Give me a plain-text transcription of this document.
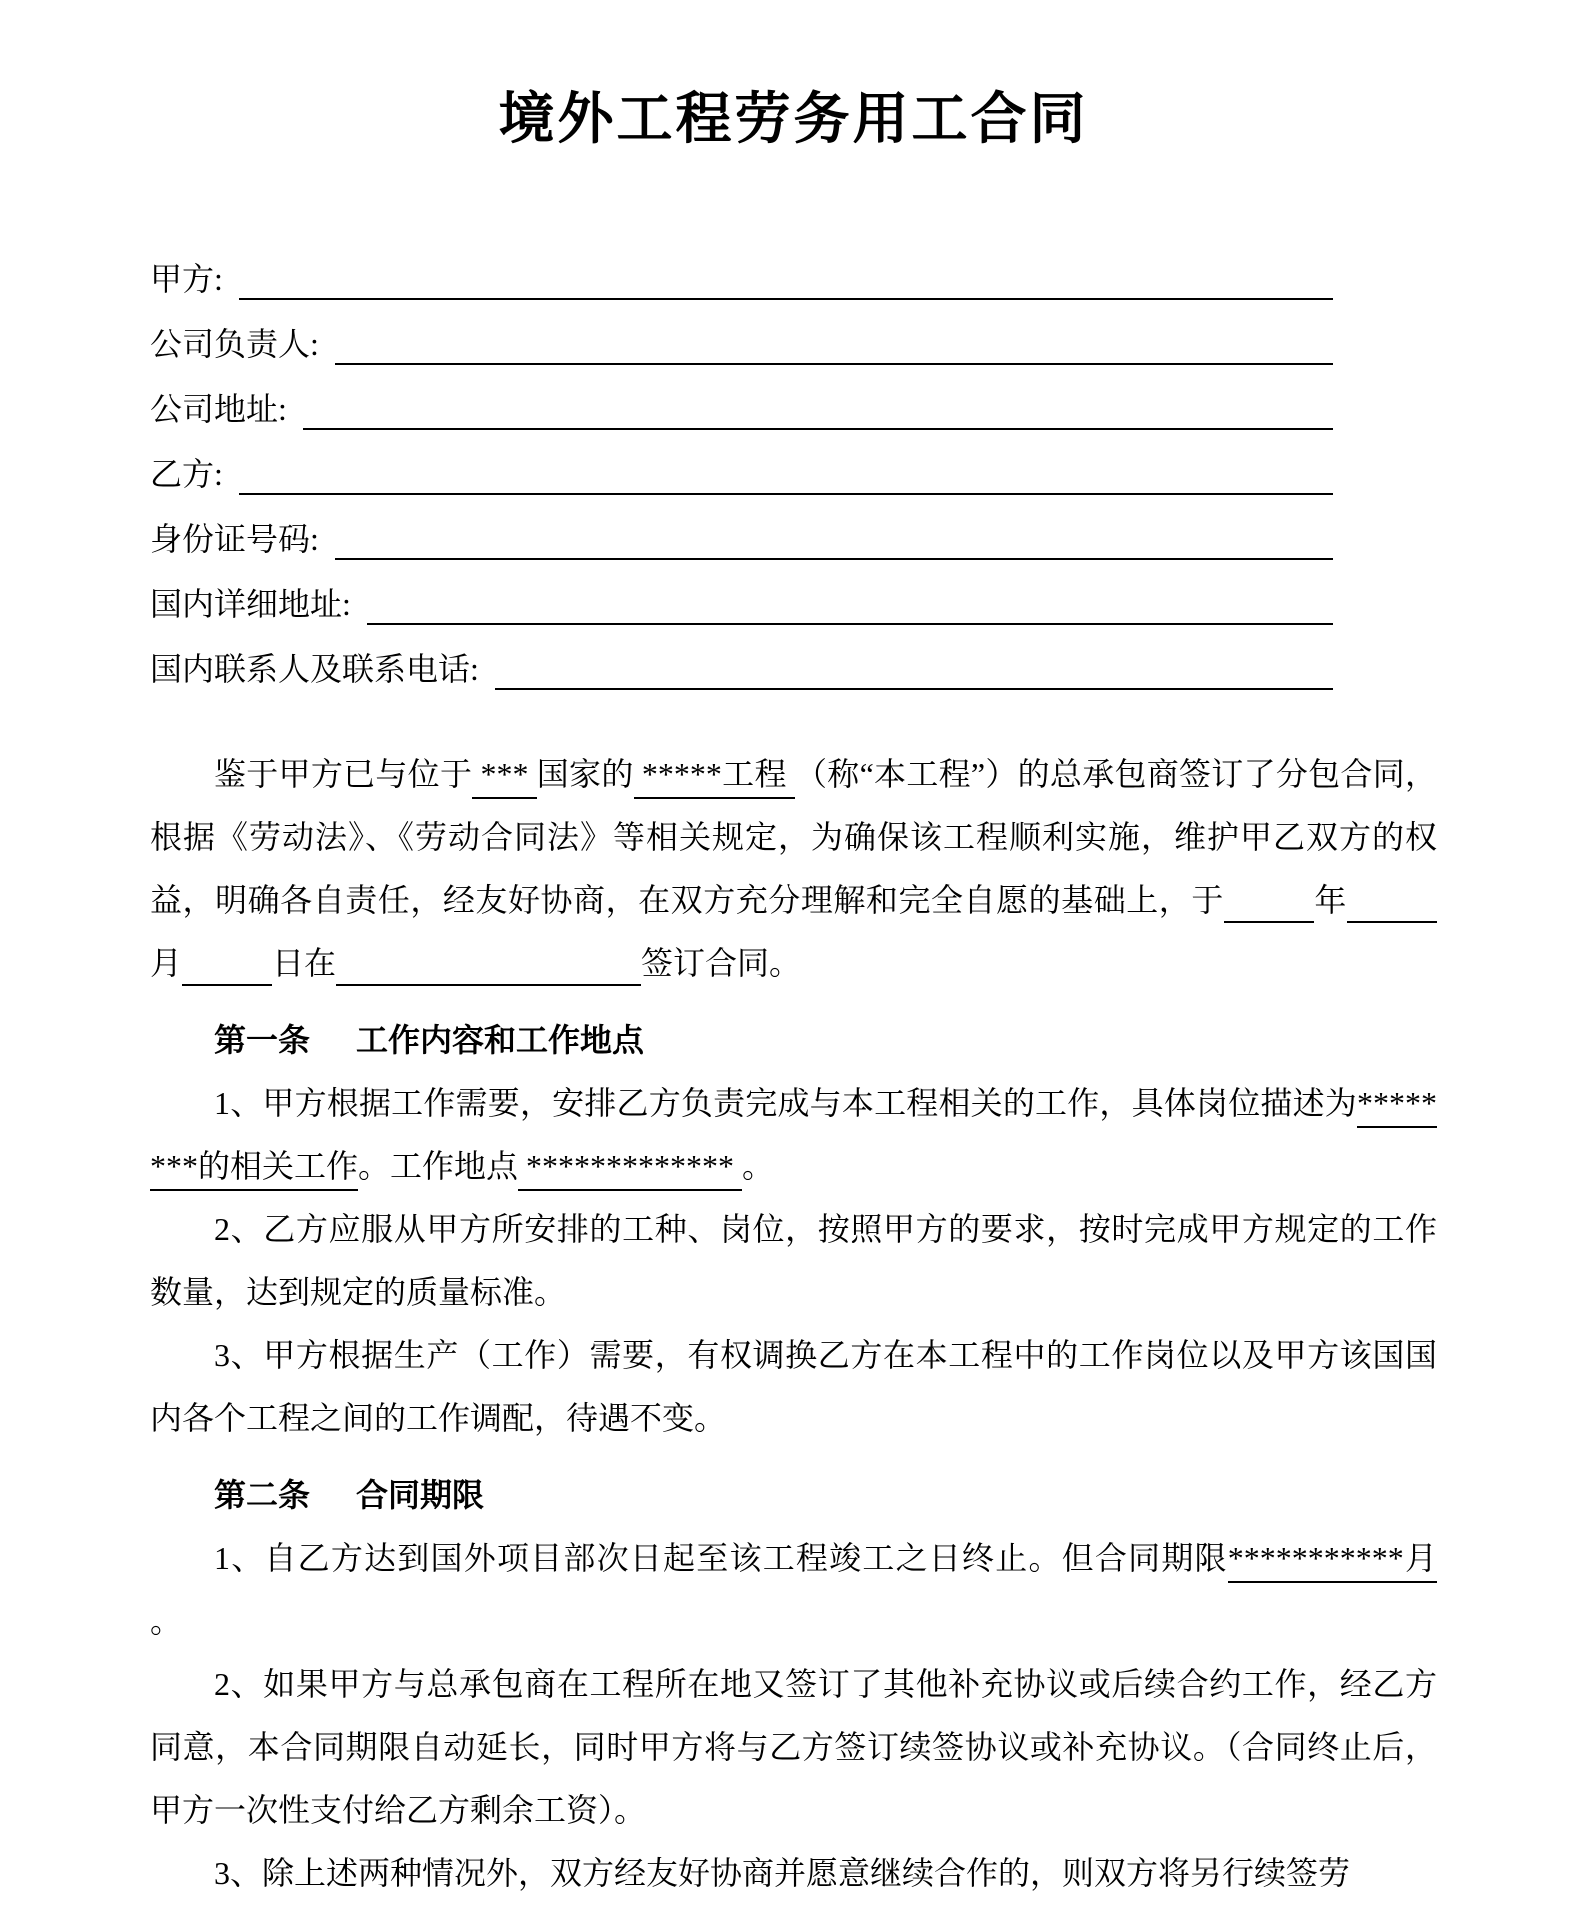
境外工程劳务用工合同
甲方:
公司负责人:
公司地址:
乙方:
身份证号码:
国内详细地址:
国内联系人及联系电话:

鉴于甲方已与位于 *** 国家的 *****工程 （称“本工程”）的总承包商签订了分包合同，根据《劳动法》、《劳动合同法》等相关规定，为确保该工程顺利实施，维护甲乙双方的权益，明确各自责任，经友好协商，在双方充分理解和完全自愿的基础上，于	年月	日在	签订合同。

第一条 工作内容和工作地点

1、甲方根据工作需要，安排乙方负责完成与本工程相关的工作，具体岗位描述为********的相关工作。工作地点 ************* 。

2、乙方应服从甲方所安排的工种、岗位，按照甲方的要求，按时完成甲方规定的工作数量，达到规定的质量标准。

3、甲方根据生产（工作）需要，有权调换乙方在本工程中的工作岗位以及甲方该国国内各个工程之间的工作调配，待遇不变。

第二条 合同期限

1、自乙方达到国外项目部次日起至该工程竣工之日终止。但合同期限***********月 。

2、如果甲方与总承包商在工程所在地又签订了其他补充协议或后续合约工作，经乙方同意，本合同期限自动延长，同时甲方将与乙方签订续签协议或补充协议。（合同终止后，甲方一次性支付给乙方剩余工资）。

3、除上述两种情况外，双方经友好协商并愿意继续合作的，则双方将另行续签劳
